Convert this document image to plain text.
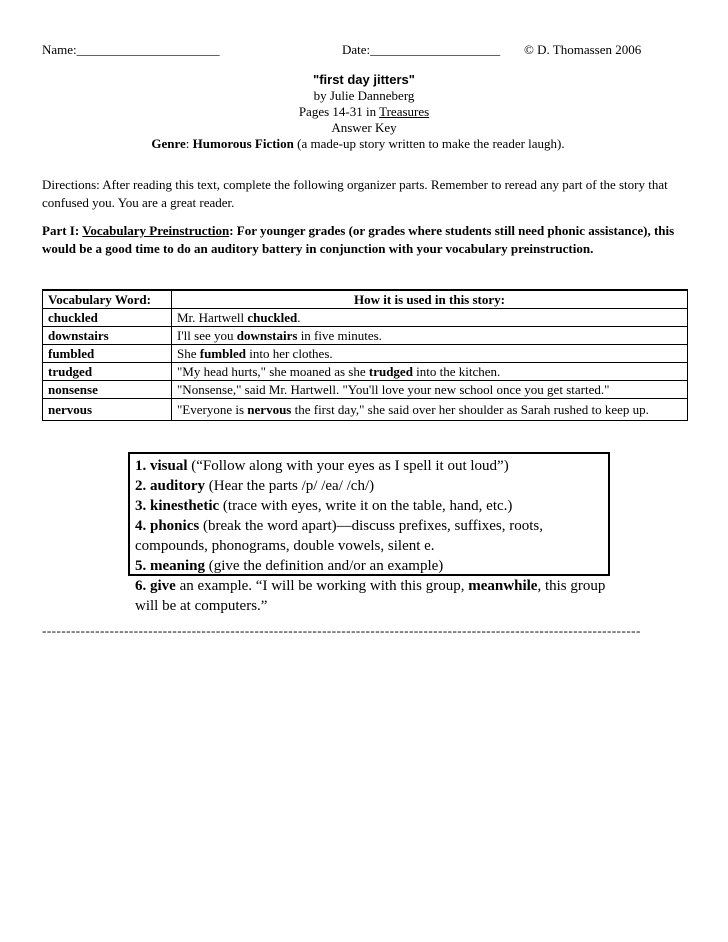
Name:______________________	Date:____________________ © D. Thomassen 2006
"first day jitters"
by Julie Danneberg
Pages 14-31 in Treasures
Answer Key
Genre: Humorous Fiction (a made-up story written to make the reader laugh).
Directions: After reading this text, complete the following organizer parts. Remember to reread any part of the story that confused you. You are a great reader.
Part I: Vocabulary Preinstruction: For younger grades (or grades where students still need phonic assistance), this would be a good time to do an auditory battery in conjunction with your vocabulary preinstruction.
Vocabulary Word:	How it is used in this story:
chuckled	Mr. Hartwell chuckled.
downstairs	I'll see you downstairs in five minutes.
fumbled	She fumbled into her clothes.
trudged	"My head hurts," she moaned as she trudged into the kitchen.
nonsense	"Nonsense," said Mr. Hartwell. "You'll love your new school once you get started."
nervous	"Everyone is nervous the first day," she said over her shoulder as Sarah rushed to keep up.
1. visual (“Follow along with your eyes as I spell it out loud”)
2. auditory (Hear the parts /p/ /ea/ /ch/)
3. kinesthetic (trace with eyes, write it on the table, hand, etc.)
4. phonics (break the word apart)—discuss prefixes, suffixes, roots, compounds, phonograms, double vowels, silent e.
5. meaning (give the definition and/or an example)
6. give an example. “I will be working with this group, meanwhile, this group will be at computers.”
----------------------------------------------------------------------------------------------------------------------------
